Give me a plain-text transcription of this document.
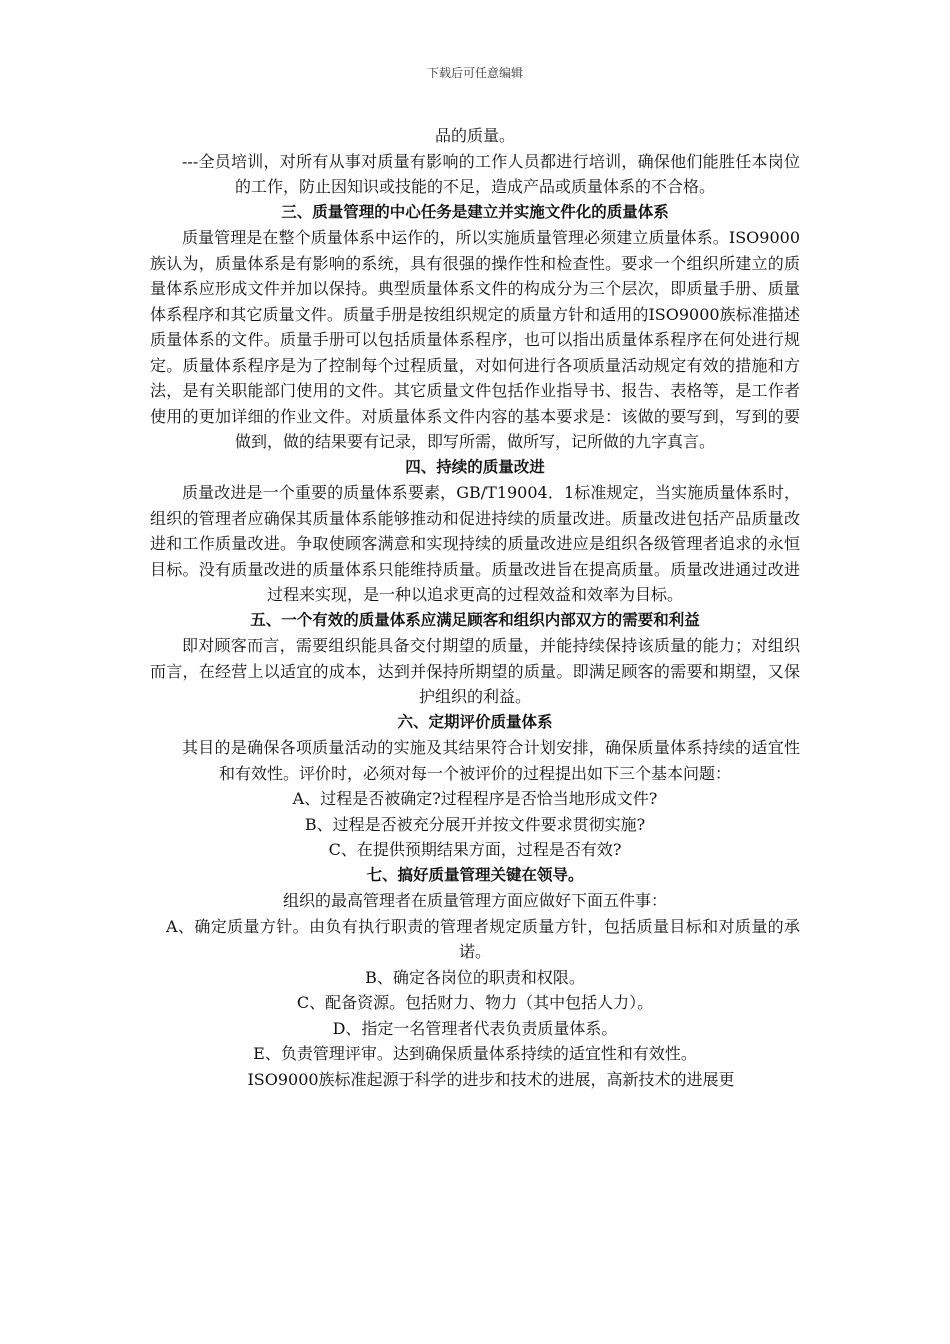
下载后可任意编辑
品的质量。
---全员培训，对所有从事对质量有影响的工作人员都进行培训，确保他们能胜任本岗位的工作，防止因知识或技能的不足，造成产品或质量体系的不合格。
三、质量管理的中心任务是建立并实施文件化的质量体系
质量管理是在整个质量体系中运作的，所以实施质量管理必须建立质量体系。ISO9000族认为，质量体系是有影响的系统，具有很强的操作性和检查性。要求一个组织所建立的质量体系应形成文件并加以保持。典型质量体系文件的构成分为三个层次，即质量手册、质量体系程序和其它质量文件。质量手册是按组织规定的质量方针和适用的ISO9000族标准描述质量体系的文件。质量手册可以包括质量体系程序，也可以指出质量体系程序在何处进行规定。质量体系程序是为了控制每个过程质量，对如何进行各项质量活动规定有效的措施和方法，是有关职能部门使用的文件。其它质量文件包括作业指导书、报告、表格等，是工作者使用的更加详细的作业文件。对质量体系文件内容的基本要求是：该做的要写到，写到的要做到，做的结果要有记录，即写所需，做所写，记所做的九字真言。
四、持续的质量改进
质量改进是一个重要的质量体系要素，GB/T19004．1标准规定，当实施质量体系时，组织的管理者应确保其质量体系能够推动和促进持续的质量改进。质量改进包括产品质量改进和工作质量改进。争取使顾客满意和实现持续的质量改进应是组织各级管理者追求的永恒目标。没有质量改进的质量体系只能维持质量。质量改进旨在提高质量。质量改进通过改进过程来实现，是一种以追求更高的过程效益和效率为目标。
五、一个有效的质量体系应满足顾客和组织内部双方的需要和利益
即对顾客而言，需要组织能具备交付期望的质量，并能持续保持该质量的能力；对组织而言，在经营上以适宜的成本，达到并保持所期望的质量。即满足顾客的需要和期望，又保护组织的利益。
六、定期评价质量体系
其目的是确保各项质量活动的实施及其结果符合计划安排，确保质量体系持续的适宜性和有效性。评价时，必须对每一个被评价的过程提出如下三个基本问题：
A、过程是否被确定?过程程序是否恰当地形成文件?
B、过程是否被充分展开并按文件要求贯彻实施?
C、在提供预期结果方面，过程是否有效?
七、搞好质量管理关键在领导。
组织的最高管理者在质量管理方面应做好下面五件事：
A、确定质量方针。由负有执行职责的管理者规定质量方针，包括质量目标和对质量的承诺。
B、确定各岗位的职责和权限。
C、配备资源。包括财力、物力（其中包括人力）。
D、指定一名管理者代表负责质量体系。
E、负责管理评审。达到确保质量体系持续的适宜性和有效性。
ISO9000族标准起源于科学的进步和技术的进展，高新技术的进展更
